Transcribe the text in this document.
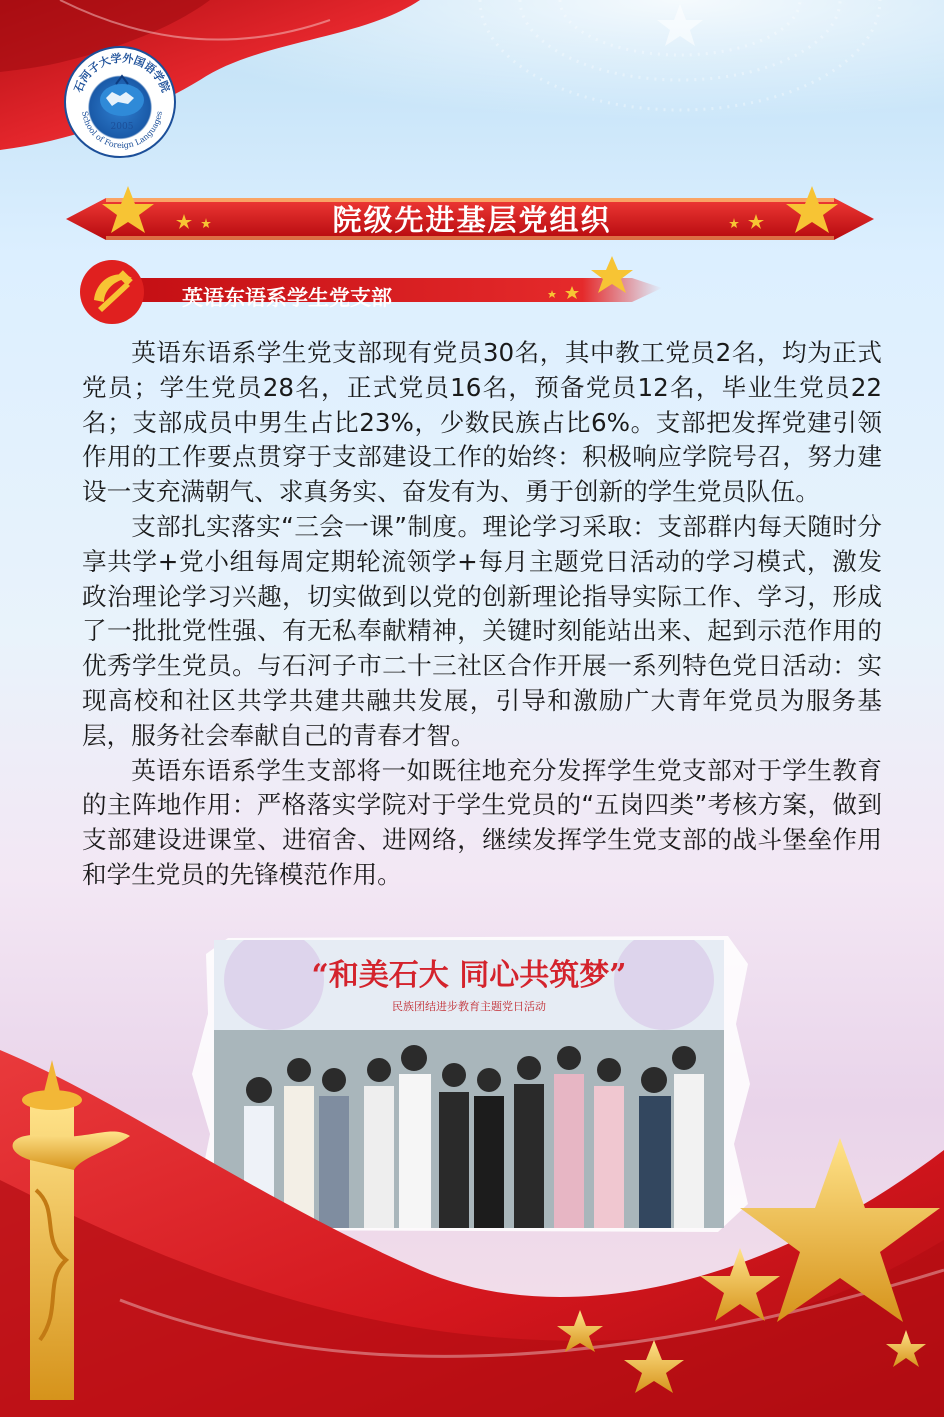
石河子大学外国语学院
School of Foreign Languages
2005
院级先进基层党组织
英语东语系学生党支部

英语东语系学生党支部现有党员30名，其中教工党员2名，均为正式党员；学生党员28名，正式党员16名，预备党员12名，毕业生党员22名；支部成员中男生占比23%，少数民族占比6%。支部把发挥党建引领作用的工作要点贯穿于支部建设工作的始终：积极响应学院号召，努力建设一支充满朝气、求真务实、奋发有为、勇于创新的学生党员队伍。

支部扎实落实“三会一课”制度。理论学习采取：支部群内每天随时分享共学+党小组每周定期轮流领学+每月主题党日活动的学习模式，激发政治理论学习兴趣，切实做到以党的创新理论指导实际工作、学习，形成了一批批党性强、有无私奉献精神，关键时刻能站出来、起到示范作用的优秀学生党员。与石河子市二十三社区合作开展一系列特色党日活动：实现高校和社区共学共建共融共发展，引导和激励广大青年党员为服务基层，服务社会奉献自己的青春才智。

英语东语系学生支部将一如既往地充分发挥学生党支部对于学生教育的主阵地作用：严格落实学院对于学生党员的“五岗四类”考核方案，做到支部建设进课堂、进宿舍、进网络，继续发挥学生党支部的战斗堡垒作用和学生党员的先锋模范作用。

“和美石大 同心共筑梦”
民族团结进步教育主题党日活动
